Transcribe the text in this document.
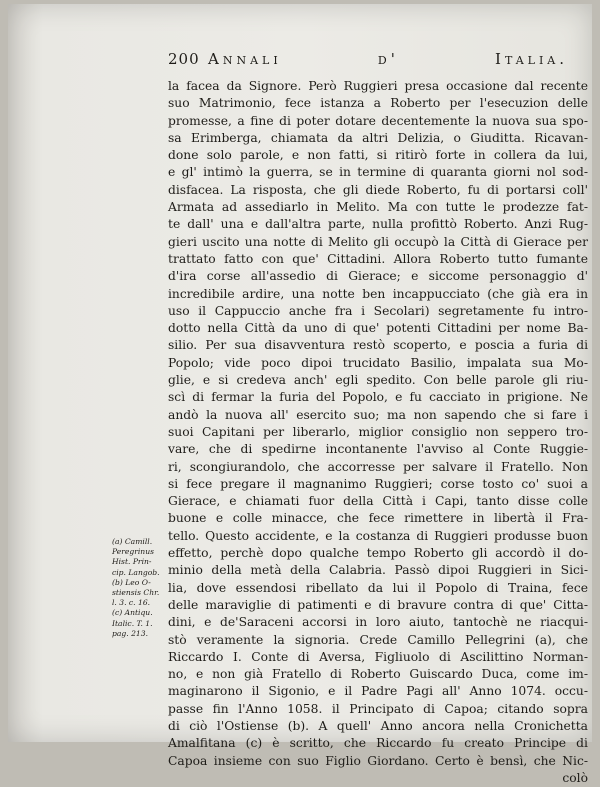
200 Annali d' Italia.
la facea da Signore. Però Ruggieri presa occasione dal recente
suo Matrimonio, fece istanza a Roberto per l'esecuzion delle
promesse, a fine di poter dotare decentemente la nuova sua spo-
sa Erimberga, chiamata da altri Delizia, o Giuditta. Ricavan-
done solo parole, e non fatti, si ritirò forte in collera da lui,
e gl' intimò la guerra, se in termine di quaranta giorni nol sod-
disfacea. La risposta, che gli diede Roberto, fu di portarsi coll'
Armata ad assediarlo in Melito. Ma con tutte le prodezze fat-
te dall' una e dall'altra parte, nulla profittò Roberto. Anzi Rug-
gieri uscito una notte di Melito gli occupò la Città di Gierace per
trattato fatto con que' Cittadini. Allora Roberto tutto fumante
d'ira corse all'assedio di Gierace; e siccome personaggio d'
incredibile ardire, una notte ben incappucciato (che già era in
uso il Cappuccio anche fra i Secolari) segretamente fu intro-
dotto nella Città da uno di que' potenti Cittadini per nome Ba-
silio. Per sua disavventura restò scoperto, e poscia a furia di
Popolo; vide poco dipoi trucidato Basilio, impalata sua Mo-
glie, e si credeva anch' egli spedito. Con belle parole gli riu-
scì di fermar la furia del Popolo, e fu cacciato in prigione. Ne
andò la nuova all' esercito suo; ma non sapendo che si fare i
suoi Capitani per liberarlo, miglior consiglio non seppero tro-
vare, che di spedirne incontanente l'avviso al Conte Ruggie-
ri, scongiurandolo, che accorresse per salvare il Fratello. Non
si fece pregare il magnanimo Ruggieri; corse tosto co' suoi a
Gierace, e chiamati fuor della Città i Capi, tanto disse colle
buone e colle minacce, che fece rimettere in libertà il Fra-
tello. Questo accidente, e la costanza di Ruggieri produsse buon
effetto, perchè dopo qualche tempo Roberto gli accordò il do-
minio della metà della Calabria. Passò dipoi Ruggieri in Sici-
lia, dove essendosi ribellato da lui il Popolo di Traina, fece
delle maraviglie di patimenti e di bravure contra di que' Citta-
dini, e de'Saraceni accorsi in loro aiuto, tantochè ne riacqui-
stò veramente la signoria. Crede Camillo Pellegrini (a), che
Riccardo I. Conte di Aversa, Figliuolo di Ascilittino Norman-
no, e non già Fratello di Roberto Guiscardo Duca, come im-
maginarono il Sigonio, e il Padre Pagi all' Anno 1074. occu-
passe fin l'Anno 1058. il Principato di Capoa; citando sopra
di ciò l'Ostiense (b). A quell' Anno ancora nella Cronichetta
Amalfitana (c) è scritto, che Riccardo fu creato Principe di
Capoa insieme con suo Figlio Giordano. Certo è bensì, che Nic-
colò
(a) Camill.
Peregrinus
Hist. Prin-
cip. Langob.
(b) Leo O-
stiensis Chr.
l. 3. c. 16.
(c) Antiqu.
Italic. T. 1.
pag. 213.
